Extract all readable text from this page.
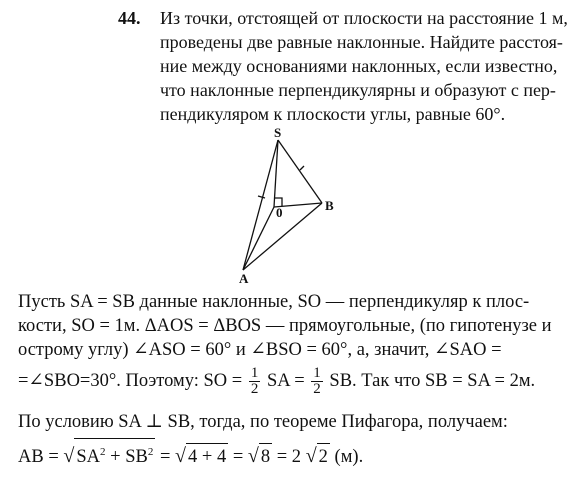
44. Из точки, отстоящей от плоскости на расстояние 1 м,
проведены две равные наклонные. Найдите расстоя-
ние между основаниями наклонных, если известно,
что наклонные перпендикулярны и образуют с пер-
пендикуляром к плоскости углы, равные 60°.
S
A
B
0
Пусть SA = SB данные наклонные, SO — перпендикуляр к плос-
кости, SO = 1м. ΔAOS = ΔBOS — прямоугольные, (по гипотенузе и
острому углу) ∠ASO = 60° и ∠BSO = 60°, а, значит, ∠SAO =
=∠SBO=30°. Поэтому: SO = $\frac{1}{2}$ SA = $\frac{1}{2}$ SB. Так что SB = SA = 2м.
По условию SA ⊥ SB, тогда, по теореме Пифагора, получаем:
AB = √ $SA^2 + SB^2$ = √ 4 + 4 = √ 8 = 2 √ 2 (м).
